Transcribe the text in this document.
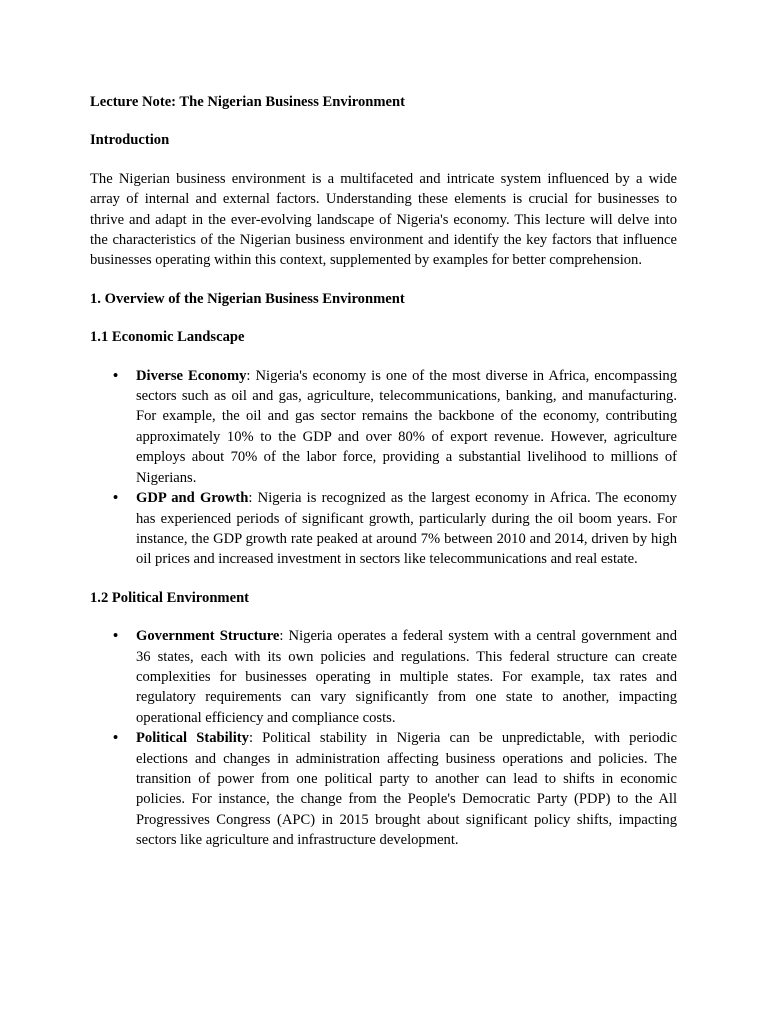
Lecture Note: The Nigerian Business Environment

Introduction

The Nigerian business environment is a multifaceted and intricate system influenced by a wide array of internal and external factors. Understanding these elements is crucial for businesses to thrive and adapt in the ever-evolving landscape of Nigeria's economy. This lecture will delve into the characteristics of the Nigerian business environment and identify the key factors that influence businesses operating within this context, supplemented by examples for better comprehension.

1. Overview of the Nigerian Business Environment

1.1 Economic Landscape

• Diverse Economy: Nigeria's economy is one of the most diverse in Africa, encompassing sectors such as oil and gas, agriculture, telecommunications, banking, and manufacturing. For example, the oil and gas sector remains the backbone of the economy, contributing approximately 10% to the GDP and over 80% of export revenue. However, agriculture employs about 70% of the labor force, providing a substantial livelihood to millions of Nigerians.
• GDP and Growth: Nigeria is recognized as the largest economy in Africa. The economy has experienced periods of significant growth, particularly during the oil boom years. For instance, the GDP growth rate peaked at around 7% between 2010 and 2014, driven by high oil prices and increased investment in sectors like telecommunications and real estate.

1.2 Political Environment

• Government Structure: Nigeria operates a federal system with a central government and 36 states, each with its own policies and regulations. This federal structure can create complexities for businesses operating in multiple states. For example, tax rates and regulatory requirements can vary significantly from one state to another, impacting operational efficiency and compliance costs.
• Political Stability: Political stability in Nigeria can be unpredictable, with periodic elections and changes in administration affecting business operations and policies. The transition of power from one political party to another can lead to shifts in economic policies. For instance, the change from the People's Democratic Party (PDP) to the All Progressives Congress (APC) in 2015 brought about significant policy shifts, impacting sectors like agriculture and infrastructure development.
